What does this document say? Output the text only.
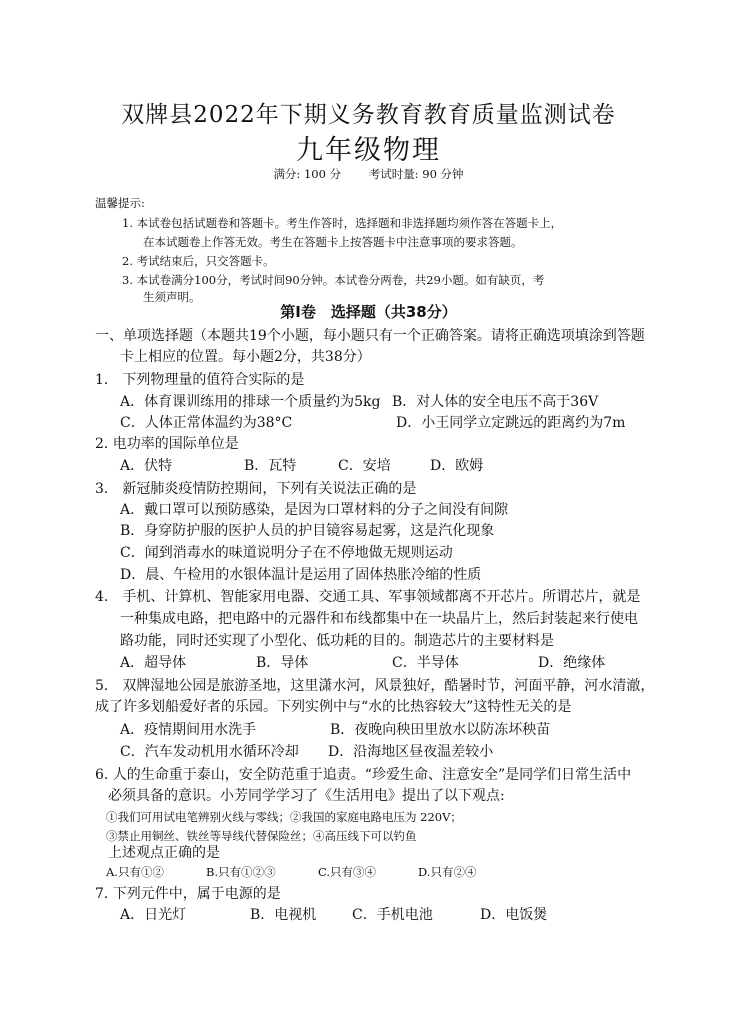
双牌县2022年下期义务教育教育质量监测试卷
九年级物理
满分: 100 分 考试时量: 90 分钟
温馨提示:
1. 本试卷包括试题卷和答题卡。考生作答时，选择题和非选择题均须作答在答题卡上，
在本试题卷上作答无效。考生在答题卡上按答题卡中注意事项的要求答题。
2. 考试结束后，只交答题卡。
3. 本试卷满分100分，考试时间90分钟。本试卷分两卷，共29小题。如有缺页，考
生须声明。
第Ⅰ卷　选择题（共38分）
一、单项选择题（本题共19个小题，每小题只有一个正确答案。请将正确选项填涂到答题
卡上相应的位置。每小题2分，共38分）
1.　下列物理量的值符合实际的是
A．体育课训练用的排球一个质量约为5kg B．对人体的安全电压不高于36V
C．人体正常体温约为38°C	D．小王同学立定跳远的距离约为7m
2. 电功率的国际单位是
A．伏特	B．瓦特	C．安培	D．欧姆
3.　新冠肺炎疫情防控期间，下列有关说法正确的是
A．戴口罩可以预防感染，是因为口罩材料的分子之间没有间隙
B．身穿防护服的医护人员的护目镜容易起雾，这是汽化现象
C．闻到消毒水的味道说明分子在不停地做无规则运动
D．晨、午检用的水银体温计是运用了固体热胀冷缩的性质
4.　手机、计算机、智能家用电器、交通工具、军事领域都离不开芯片。所谓芯片，就是
一种集成电路，把电路中的元器件和布线都集中在一块晶片上，然后封装起来行使电
路功能，同时还实现了小型化、低功耗的目的。制造芯片的主要材料是
A．超导体	B．导体	C．半导体	D．绝缘体
5.　双牌湿地公园是旅游圣地，这里潇水河，风景独好，酷暑时节，河面平静，河水清澈，
成了许多划船爱好者的乐园。下列实例中与“水的比热容较大”这特性无关的是
A．疫情期间用水洗手	B．夜晚向秧田里放水以防冻坏秧苗
C．汽车发动机用水循环冷却 D．沿海地区昼夜温差较小
6. 人的生命重于泰山，安全防范重于追责。“珍爱生命、注意安全”是同学们日常生活中
必须具备的意识。小芳同学学习了《生活用电》提出了以下观点:
①我们可用试电笔辨别火线与零线；②我国的家庭电路电压为 220V；
③禁止用铜丝、铁丝等导线代替保险丝；④高压线下可以钓鱼
上述观点正确的是
A.只有①②	B.只有①②③	C.只有③④	D.只有②④
7. 下列元件中，属于电源的是
A．日光灯	B．电视机	C．手机电池	D．电饭煲
